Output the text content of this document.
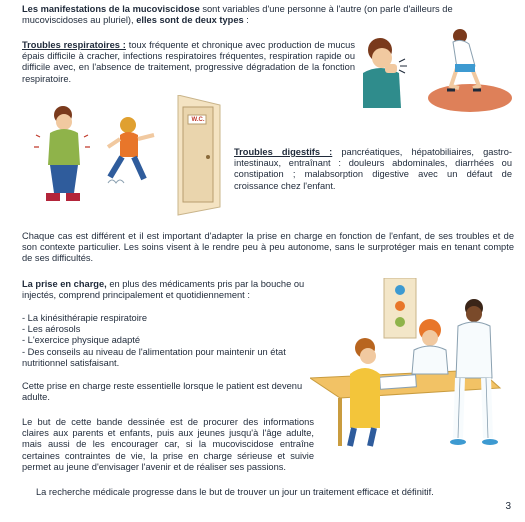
Les manifestations de la mucoviscidose sont variables d'une personne à l'autre (on parle d'ailleurs de mucoviscidoses au pluriel), elles sont de deux types :
Troubles respiratoires : toux fréquente et chronique avec production de mucus épais difficile à cracher, infections respiratoires fréquentes, respiration rapide ou difficile avec, en l'absence de traitement, progressive dégradation de la fonction respiratoire.
W.C.
Troubles digestifs : pancréatiques, hépatobiliaires, gastro-intestinaux, entraînant : douleurs abdominales, diarrhées ou constipation ; malabsorption digestive avec un défaut de croissance chez l'enfant.
Chaque cas est différent et il est important d'adapter la prise en charge en fonction de l'enfant, de ses troubles et de son contexte particulier. Les soins visent à le rendre peu à peu autonome, sans le surprotéger mais en tenant compte de ses difficultés.
La prise en charge, en plus des médicaments pris par la bouche ou injectés, comprend principalement et quotidiennement :
- La kinésithérapie respiratoire
- Les aérosols
- L'exercice physique adapté
- Des conseils au niveau de l'alimentation pour maintenir un état nutritionnel satisfaisant.
Cette prise en charge reste essentielle lorsque le patient est devenu adulte.
Le but de cette bande dessinée est de procurer des informations claires aux parents et enfants, puis aux jeunes jusqu'à l'âge adulte, mais aussi de les encourager car, si la mucoviscidose entraîne certaines contraintes de vie, la prise en charge sérieuse et suivie permet au jeune d'envisager l'avenir et de réaliser ses passions.
La recherche médicale progresse dans le but de trouver un jour un traitement efficace et définitif.
3
